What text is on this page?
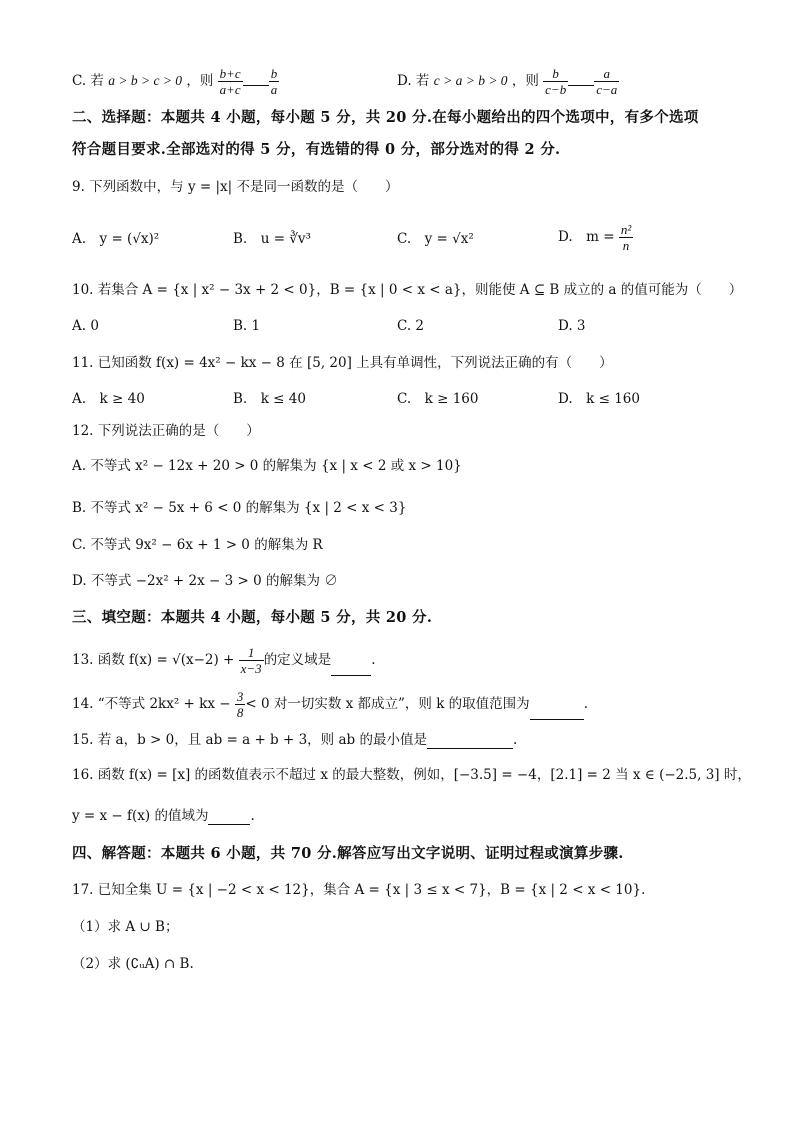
C. 若 a > b > c > 0 ，则 $\frac{b+c}{a+c} \frac{b}{a}$	D. 若 c > a > b > 0 ，则 $\frac{b}{c-b} \frac{a}{c-a}$
二、选择题：本题共 4 小题，每小题 5 分，共 20 分.在每小题给出的四个选项中，有多个选项
符合题目要求.全部选对的得 5 分，有选错的得 0 分，部分选对的得 2 分.
9. 下列函数中，与 y = |x| 不是同一函数的是（　　）
A.　y = (√x)²	B.　u = ∛v³	C.　y = √x²	D.　$m = \frac{\text{n²}}{n}$
10. 若集合 A = {x | x² − 3x + 2 < 0}，B = {x | 0 < x < a}，则能使 A ⊆ B 成立的 a 的值可能为（　　）
A. 0	B. 1	C. 2	D. 3
11. 已知函数 f(x) = 4x² − kx − 8 在 [5, 20] 上具有单调性，下列说法正确的有（　　）
A.　k ≥ 40	B.　k ≤ 40	C.　k ≥ 160	D.　k ≤ 160
12. 下列说法正确的是（　　）
A. 不等式 x² − 12x + 20 > 0 的解集为 {x | x < 2 或 x > 10}
B. 不等式 x² − 5x + 6 < 0 的解集为 {x | 2 < x < 3}
C. 不等式 9x² − 6x + 1 > 0 的解集为 R
D. 不等式 −2x² + 2x − 3 > 0 的解集为 ∅
三、填空题：本题共 4 小题，每小题 5 分，共 20 分.
13. 函数 $f(x) = √(x-2) + \frac{1}{x-3}$ 的定义域是	.
14. “不等式 2kx² + kx − $\frac{3}{8} < 0$ 对一切实数 x 都成立”，则 k 的取值范围为	.
15. 若 a，b > 0，且 ab = a + b + 3，则 ab 的最小值是	.
16. 函数 f(x) = [x] 的函数值表示不超过 x 的最大整数，例如，[−3.5] = −4，[2.1] = 2 当 x ∈ (−2.5, 3] 时，
y = x − f(x) 的值域为	.
四、解答题：本题共 6 小题，共 70 分.解答应写出文字说明、证明过程或演算步骤.
17. 已知全集 U = {x | −2 < x < 12}，集合 A = {x | 3 ≤ x < 7}，B = {x | 2 < x < 10}.
（1）求 A ∪ B；
（2）求 (∁ᵤA) ∩ B.
